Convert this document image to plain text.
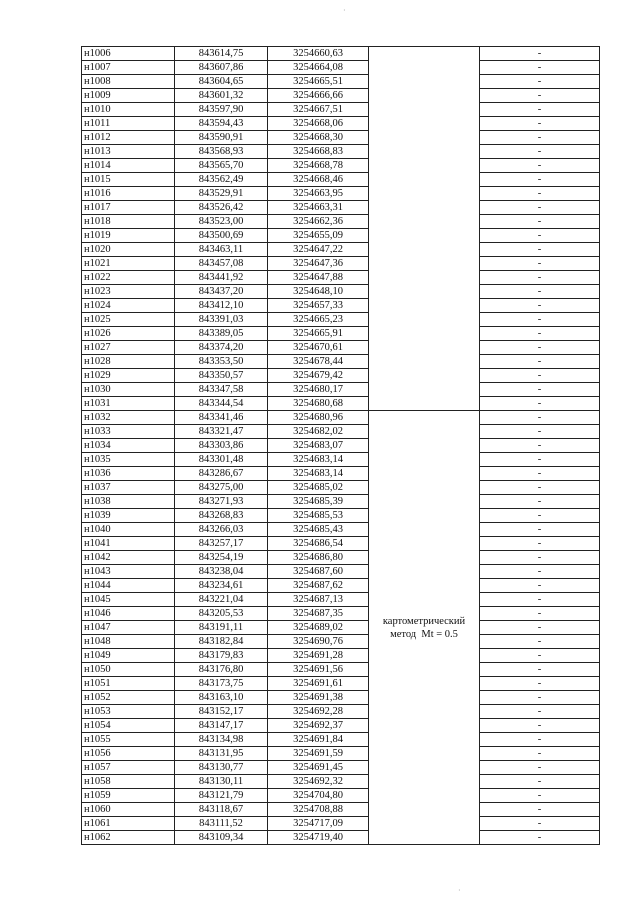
·
н1006	843614,75	3254660,63		-
н1007	843607,86	3254664,08		-
н1008	843604,65	3254665,51		-
н1009	843601,32	3254666,66		-
н1010	843597,90	3254667,51		-
н1011	843594,43	3254668,06		-
н1012	843590,91	3254668,30		-
н1013	843568,93	3254668,83		-
н1014	843565,70	3254668,78		-
н1015	843562,49	3254668,46		-
н1016	843529,91	3254663,95		-
н1017	843526,42	3254663,31		-
н1018	843523,00	3254662,36		-
н1019	843500,69	3254655,09		-
н1020	843463,11	3254647,22		-
н1021	843457,08	3254647,36		-
н1022	843441,92	3254647,88		-
н1023	843437,20	3254648,10		-
н1024	843412,10	3254657,33		-
н1025	843391,03	3254665,23		-
н1026	843389,05	3254665,91		-
н1027	843374,20	3254670,61		-
н1028	843353,50	3254678,44		-
н1029	843350,57	3254679,42		-
н1030	843347,58	3254680,17		-
н1031	843344,54	3254680,68		-
н1032	843341,46	3254680,96	картометрический
метод  Mt = 0.5	-
н1033	843321,47	3254682,02		-
н1034	843303,86	3254683,07		-
н1035	843301,48	3254683,14		-
н1036	843286,67	3254683,14		-
н1037	843275,00	3254685,02		-
н1038	843271,93	3254685,39		-
н1039	843268,83	3254685,53		-
н1040	843266,03	3254685,43		-
н1041	843257,17	3254686,54		-
н1042	843254,19	3254686,80		-
н1043	843238,04	3254687,60		-
н1044	843234,61	3254687,62		-
н1045	843221,04	3254687,13		-
н1046	843205,53	3254687,35		-
н1047	843191,11	3254689,02		-
н1048	843182,84	3254690,76		-
н1049	843179,83	3254691,28		-
н1050	843176,80	3254691,56		-
н1051	843173,75	3254691,61		-
н1052	843163,10	3254691,38		-
н1053	843152,17	3254692,28		-
н1054	843147,17	3254692,37		-
н1055	843134,98	3254691,84		-
н1056	843131,95	3254691,59		-
н1057	843130,77	3254691,45		-
н1058	843130,11	3254692,32		-
н1059	843121,79	3254704,80		-
н1060	843118,67	3254708,88		-
н1061	843111,52	3254717,09		-
н1062	843109,34	3254719,40		-
·
